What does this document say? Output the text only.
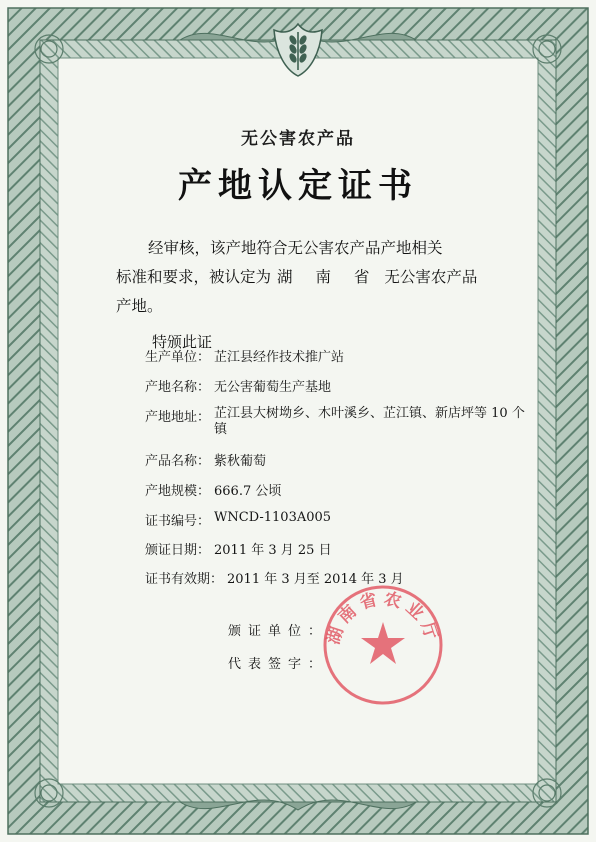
无公害农产品
产地认定证书
经审核，该产地符合无公害农产品产地相关
标准和要求，被认定为 湖 南 省 无公害农产品
产地。
特颁此证
生产单位： 芷江县经作技术推广站
产地名称： 无公害葡萄生产基地
产地地址： 芷江县大树坳乡、木叶溪乡、芷江镇、新店坪等 10 个镇
产品名称： 紫秋葡萄
产地规模： 666.7 公顷
证书编号： WNCD-1103A005
颁证日期： 2011 年 3 月 25 日
证书有效期： 2011 年 3 月至 2014 年 3 月
颁证单位：
代表签字：
湖南省农业厅
